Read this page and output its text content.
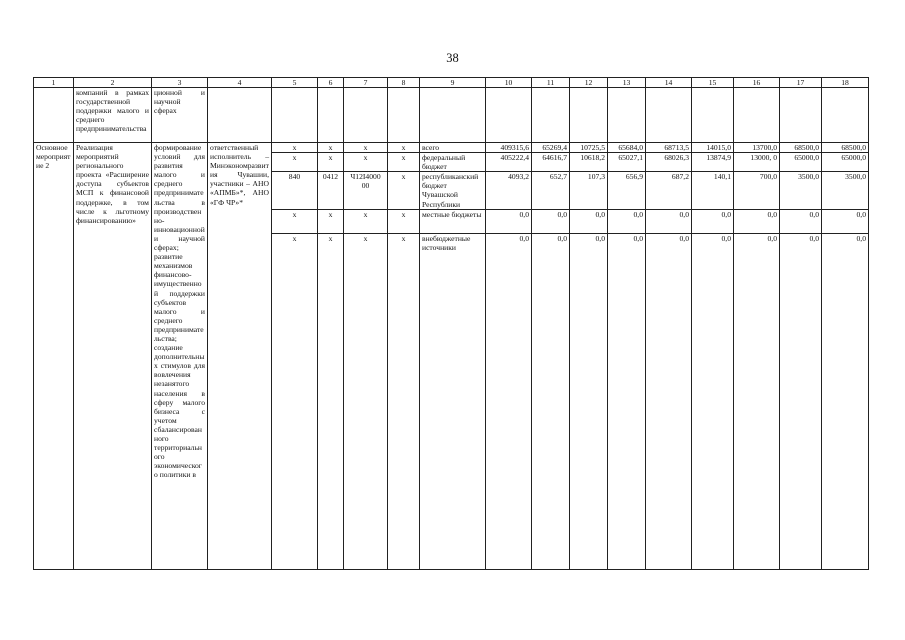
38
1	2	3	4	5	6	7	8	9	10	11	12	13	14	15	16	17	18
	компаний в рамках государственной поддержки малого и среднего предпринимательства	ционной и научной сферах															
Основное мероприятие 2	Реализация мероприятий регионального проекта «Расширение доступа субъектов МСП к финансовой поддержке, в том числе к льготному финансированию»	формирование условий для развития малого и среднего предпринимательства в производственно-инновационной и научной сферах; развитие механизмов финансово-имущественной поддержки субъектов малого и среднего предпринимательства; создание дополнительных стимулов для вовлечения незанятого населения в сферу малого бизнеса с учетом сбалансированного территориального экономического политики в	ответственный исполнитель – Минэкономразвития Чувашии, участники – АНО «АПМБ»*, АНО «ГФ ЧР»*	x	x	x	x	всего	409315,6	65269,4	10725,5	65684,0	68713,5	14015,0	13700,0	68500,0	68500,0
				x	x	x	x	федеральный бюджет	405222,4	64616,7	10618,2	65027,1	68026,3	13874,9	13000, 0	65000,0	65000,0
				840	0412	Ч12I4000 00	x	республиканский бюджет Чувашской Республики	4093,2	652,7	107,3	656,9	687,2	140,1	700,0	3500,0	3500,0
				x	x	x	x	местные бюджеты	0,0	0,0	0,0	0,0	0,0	0,0	0,0	0,0	0,0
				x	x	x	x	внебюджетные источники	0,0	0,0	0,0	0,0	0,0	0,0	0,0	0,0	0,0
